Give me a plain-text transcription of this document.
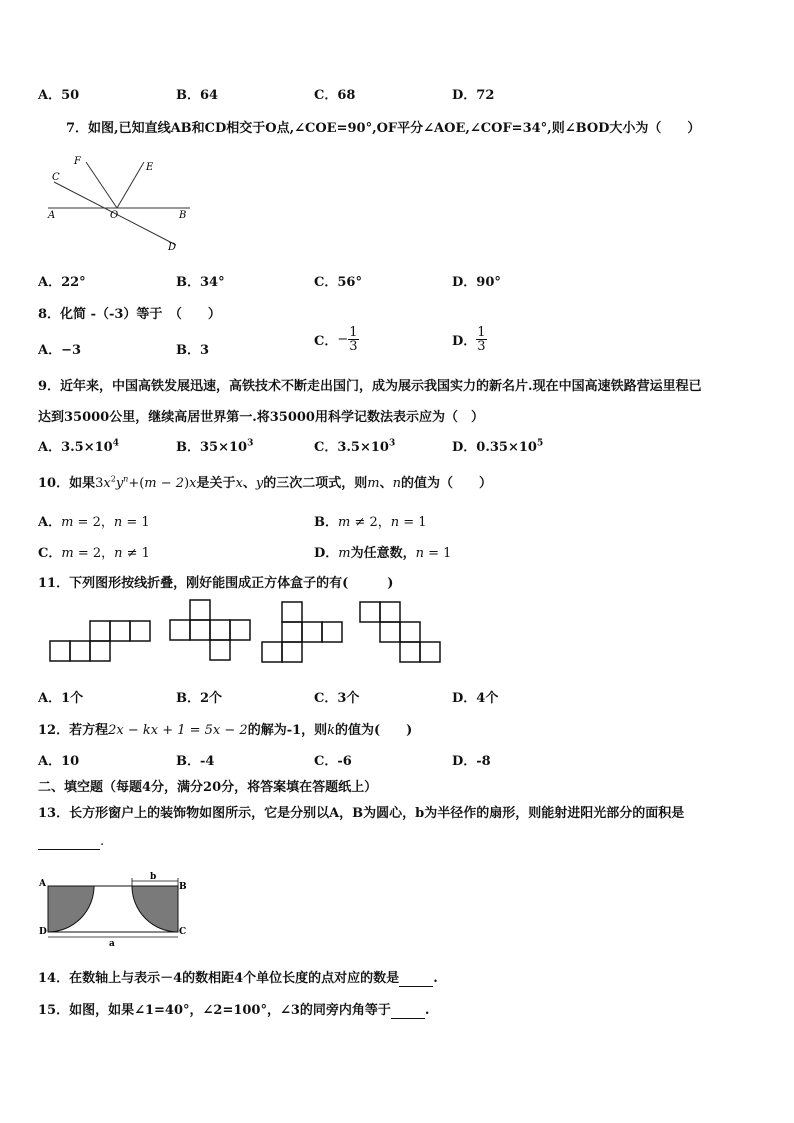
A．50	B．64	C．68	D．72
7．如图,已知直线AB和CD相交于O点,∠COE=90°,OF平分∠AOE,∠COF=34°,则∠BOD大小为（　　）
A	B
C
D
E
F
O
A．22°	B．34°	C．56°	D．90°
8．化简 -（-3）等于　（　　）
A．−3	B．3
C．− $\frac{1}{3}$	D． $\frac{1}{3}$
9．近年来，中国高铁发展迅速，高铁技术不断走出国门，成为展示我国实力的新名片.现在中国高速铁路营运里程已
达到35000公里，继续高居世界第一.将35000用科学记数法表示应为（　）
A．$3.5\times 10^4$	B．$35\times 10^3$	C．$3.5\times 10^3$	D．$0.35\times 10^5$
10．如果$3x^2y^n+(m - 2)x$是关于x、y的三次二项式，则m、n的值为（　　）
A．m = 2，n = 1	B．m ≠ 2，n = 1
C．m = 2，n ≠ 1	D．m为任意数，n = 1
11．下列图形按线折叠，刚好能围成正方体盒子的有(　　　)
A．1个	B．2个	C．3个	D．4个
12．若方程2x − kx + 1 = 5x − 2的解为-1，则k的值为(　　)
A．10	B．-4	C．-6	D．-8
二、填空题（每题4分，满分20分，将答案填在答题纸上）
13．长方形窗户上的装饰物如图所示，它是分别以A，B为圆心，b为半径作的扇形，则能射进阳光部分的面积是
.
A	B
C
D
b
a
14．在数轴上与表示－4的数相距4个单位长度的点对应的数是	.
15．如图，如果∠1=40°，∠2=100°，∠3的同旁内角等于	.
